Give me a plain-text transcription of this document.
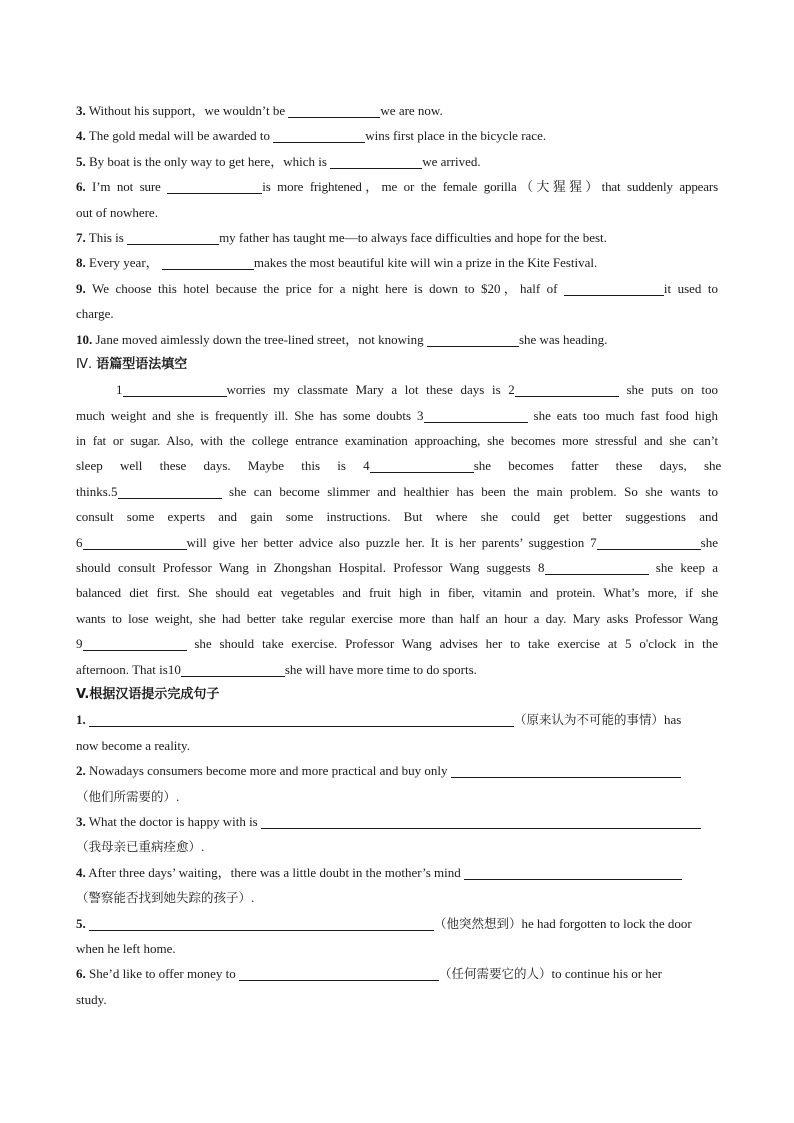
3. Without his support，we wouldn’t be	we are now.
4. The gold medal will be awarded to	wins first place in the bicycle race.
5. By boat is the only way to get here，which is	we arrived.
6. I’m not sure	is more frightened，me or the female gorilla（大猩猩）that suddenly appears
out of nowhere.
7. This is	my father has taught me—to always face difficulties and hope for the best.
8. Every year，	makes the most beautiful kite will win a prize in the Kite Festival.
9. We choose this hotel because the price for a night here is down to $20，half of	it used to
charge.
10. Jane moved aimlessly down the tree-lined street，not knowing	she was heading.
Ⅳ. 语篇型语法填空
1	worries my classmate Mary a lot these days is 2	she puts on too
much weight and she is frequently ill. She has some doubts 3	she eats too much fast food high
in fat or sugar. Also, with the college entrance examination approaching, she becomes more stressful and she can’t
sleep well these days. Maybe this is 4	she becomes fatter these days, she
thinks.5	she can become slimmer and healthier has been the main problem. So she wants to
consult some experts and gain some instructions. But where she could get better suggestions and
6	will give her better advice also puzzle her. It is her parents’ suggestion 7	she
should consult Professor Wang in Zhongshan Hospital. Professor Wang suggests 8	she keep a
balanced diet first. She should eat vegetables and fruit high in fiber, vitamin and protein. What’s more, if she
wants to lose weight, she had better take regular exercise more than half an hour a day. Mary asks Professor Wang
9	she should take exercise. Professor Wang advises her to take exercise at 5 o'clock in the
afternoon. That is10	she will have more time to do sports.
V.根据汉语提示完成句子
1.	（原来认为不可能的事情）has
now become a reality.
2. Nowadays consumers become more and more practical and buy only
（他们所需要的）.
3. What the doctor is happy with is
（我母亲已重病痊愈）.
4. After three days’ waiting，there was a little doubt in the mother’s mind
（警察能否找到她失踪的孩子）.
5.	（他突然想到）he had forgotten to lock the door
when he left home.
6. She’d like to offer money to	（任何需要它的人）to continue his or her
study.
